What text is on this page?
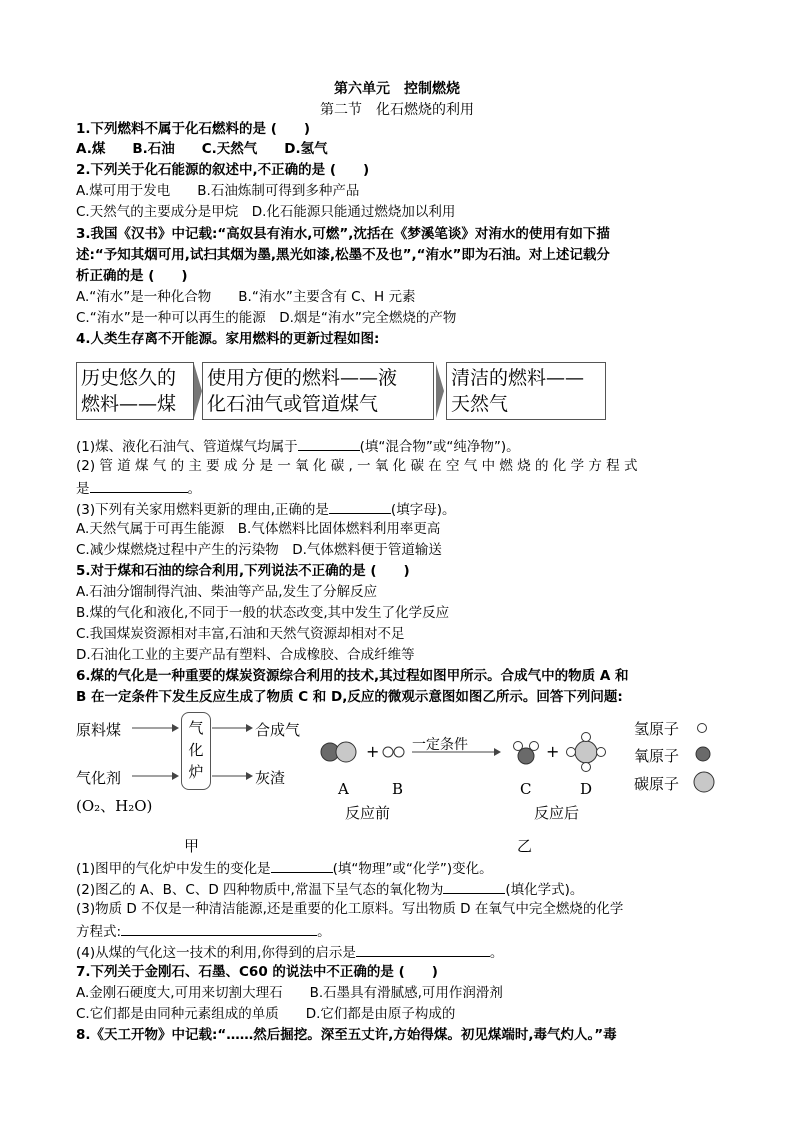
第六单元　控制燃烧
第二节　化石燃烧的利用
1.下列燃料不属于化石燃料的是 (　　)
A.煤　　B.石油　　C.天然气　　D.氢气
2.下列关于化石能源的叙述中,不正确的是 (　　)
A.煤可用于发电　　B.石油炼制可得到多种产品
C.天然气的主要成分是甲烷　D.化石能源只能通过燃烧加以利用
3.我国《汉书》中记载:“高奴县有洧水,可燃”,沈括在《梦溪笔谈》对洧水的使用有如下描
述:“予知其烟可用,试扫其烟为墨,黑光如漆,松墨不及也”,“洧水”即为石油。对上述记载分
析正确的是 (　　)
A.“洧水”是一种化合物　　B.“洧水”主要含有 C、H 元素
C.“洧水”是一种可以再生的能源　D.烟是“洧水”完全燃烧的产物
4.人类生存离不开能源。家用燃料的更新过程如图:
历史悠久的
燃料——煤
使用方便的燃料——液
化石油气或管道煤气
清洁的燃料——
天然气
(1)煤、液化石油气、管道煤气均属于	(填“混合物”或“纯净物”)。
(2) 管 道 煤 气 的 主 要 成 分 是 一 氧 化 碳 , 一 氧 化 碳 在 空 气 中 燃 烧 的 化 学 方 程 式
是	。
(3)下列有关家用燃料更新的理由,正确的是	(填字母)。
A.天然气属于可再生能源　B.气体燃料比固体燃料利用率更高
C.减少煤燃烧过程中产生的污染物　D.气体燃料便于管道输送
5.对于煤和石油的综合利用,下列说法不正确的是 (　　)
A.石油分馏制得汽油、柴油等产品,发生了分解反应
B.煤的气化和液化,不同于一般的状态改变,其中发生了化学反应
C.我国煤炭资源相对丰富,石油和天然气资源却相对不足
D.石油化工业的主要产品有塑料、合成橡胶、合成纤维等
6.煤的气化是一种重要的煤炭资源综合利用的技术,其过程如图甲所示。合成气中的物质 A 和
B 在一定条件下发生反应生成了物质 C 和 D,反应的微观示意图如图乙所示。回答下列问题:
原料煤	气
化
炉
合成气
气化剂	灰渣
(O₂、H₂O)
甲
+	+
一定条件
A	B	C	D
反应前	反应后
乙
氢原子
氧原子
碳原子
(1)图甲的气化炉中发生的变化是	(填“物理”或“化学”)变化。
(2)图乙的 A、B、C、D 四种物质中,常温下呈气态的氧化物为	(填化学式)。
(3)物质 D 不仅是一种清洁能源,还是重要的化工原料。写出物质 D 在氧气中完全燃烧的化学
方程式:	。
(4)从煤的气化这一技术的利用,你得到的启示是	。
7.下列关于金刚石、石墨、C60 的说法中不正确的是 (　　)
A.金刚石硬度大,可用来切割大理石　　B.石墨具有滑腻感,可用作润滑剂
C.它们都是由同种元素组成的单质　　D.它们都是由原子构成的
8.《天工开物》中记载:“……然后掘挖。深至五丈许,方始得煤。初见煤端时,毒气灼人。”毒
